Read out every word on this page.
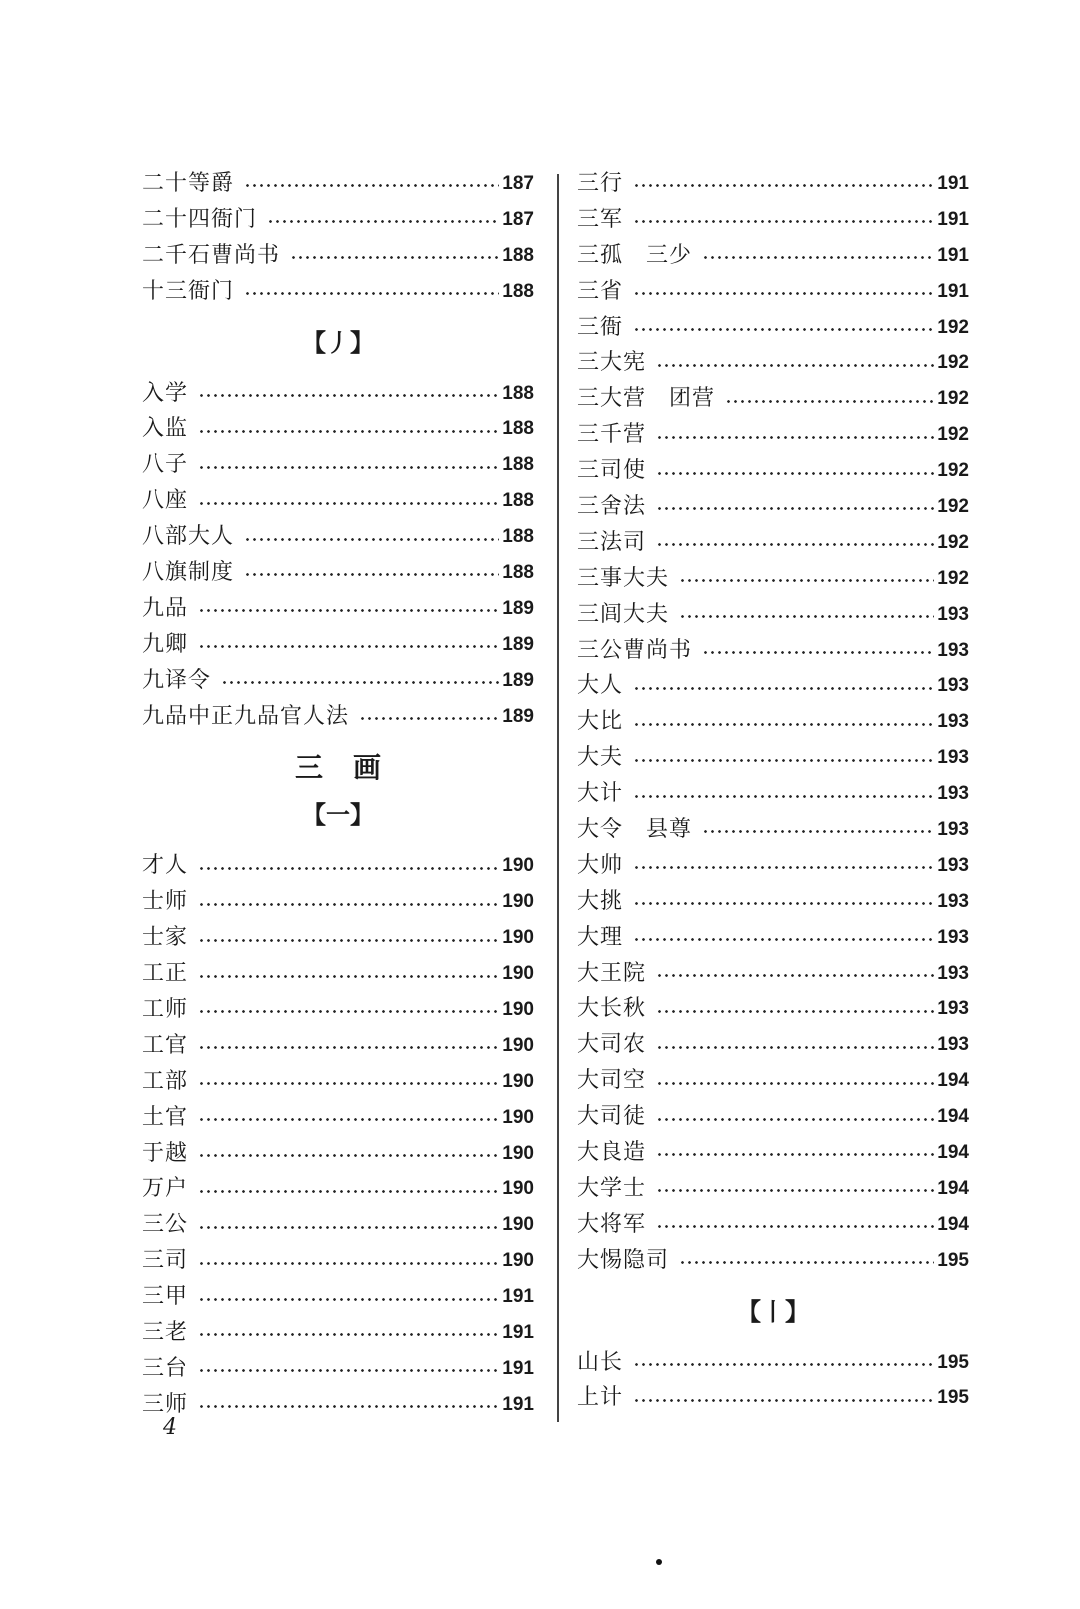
二十等爵	187
二十四衙门	187
二千石曹尚书	188
十三衙门	188
【丿】
入学	188
入监	188
八子	188
八座	188
八部大人	188
八旗制度	188
九品	189
九卿	189
九译令	189
九品中正九品官人法	189
三画
【一】
才人	190
士师	190
士家	190
工正	190
工师	190
工官	190
工部	190
土官	190
于越	190
万户	190
三公	190
三司	190
三甲	191
三老	191
三台	191
三师	191
三行	191
三军	191
三孤　三少	191
三省	191
三衙	192
三大宪	192
三大营　团营	192
三千营	192
三司使	192
三舍法	192
三法司	192
三事大夫	192
三闾大夫	193
三公曹尚书	193
大人	193
大比	193
大夫	193
大计	193
大令　县尊	193
大帅	193
大挑	193
大理	193
大王院	193
大长秋	193
大司农	193
大司空	194
大司徒	194
大良造	194
大学士	194
大将军	194
大惕隐司	195
【丨】
山长	195
上计	195
4
